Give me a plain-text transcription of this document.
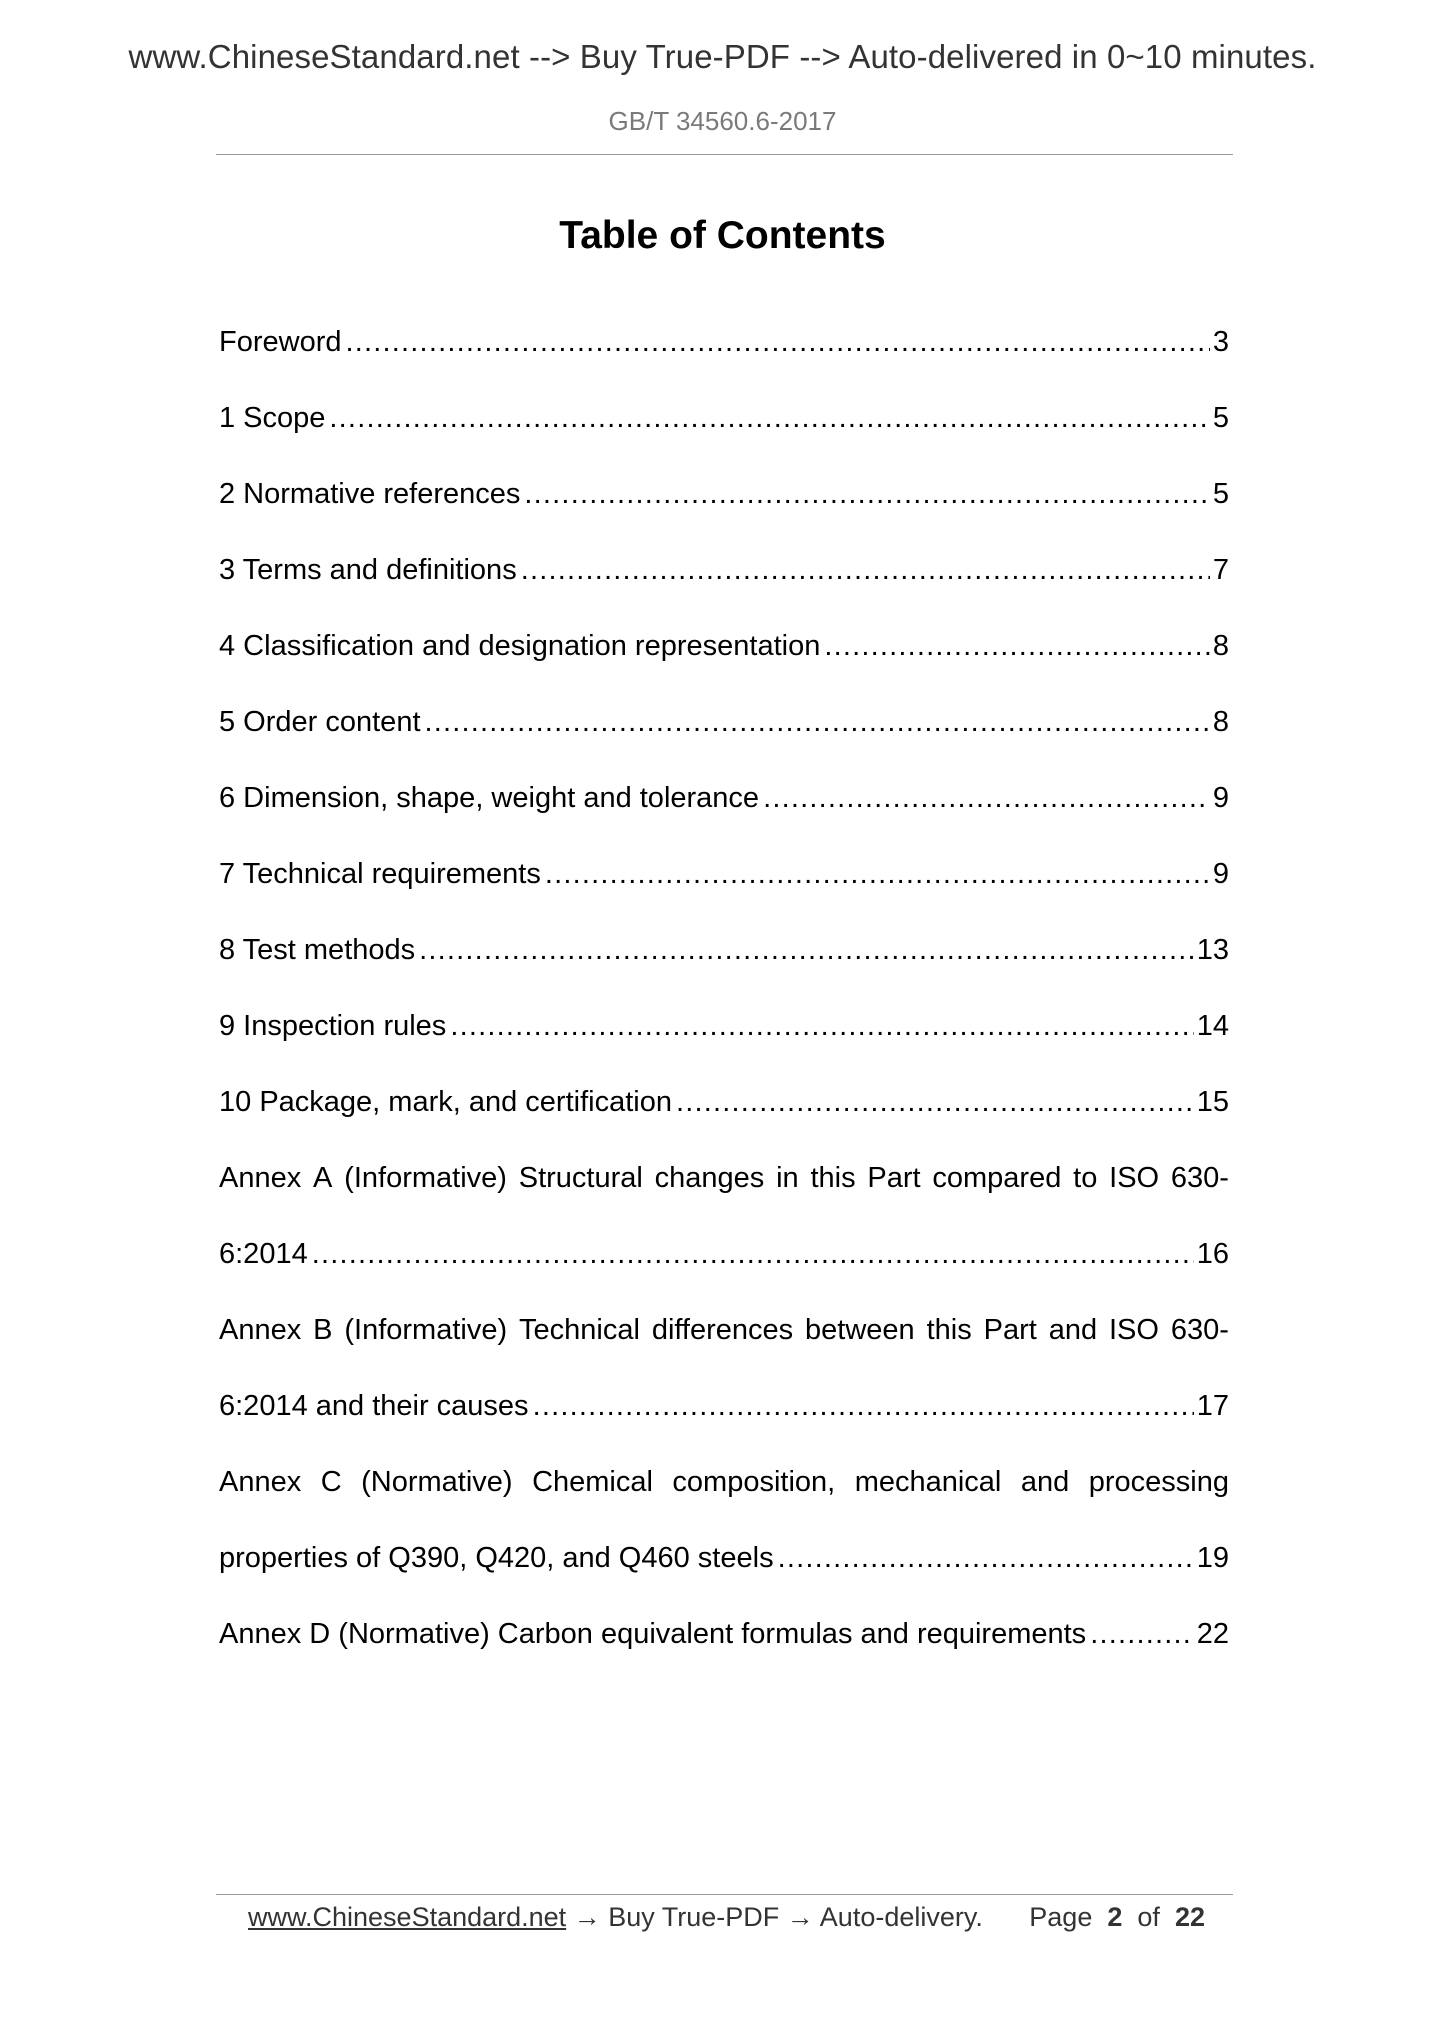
www.ChineseStandard.net --> Buy True-PDF --> Auto-delivered in 0~10 minutes.
GB/T 34560.6-2017
Table of Contents
Foreword .....	3
1 Scope .....	5
2 Normative references .....	5
3 Terms and definitions .....	7
4 Classification and designation representation .....	8
5 Order content .....	8
6 Dimension, shape, weight and tolerance .....	9
7 Technical requirements .....	9
8 Test methods .....	13
9 Inspection rules .....	14
10 Package, mark, and certification .....	15
Annex A (Informative) Structural changes in this Part compared to ISO 630-
6:2014 .....	16
Annex B (Informative) Technical differences between this Part and ISO 630-
6:2014 and their causes .....	17
Annex C (Normative) Chemical composition, mechanical and processing
properties of Q390, Q420, and Q460 steels .....	19
Annex D (Normative) Carbon equivalent formulas and requirements .....	22
www.ChineseStandard.net → Buy True-PDF → Auto-delivery. Page 2 of 22
